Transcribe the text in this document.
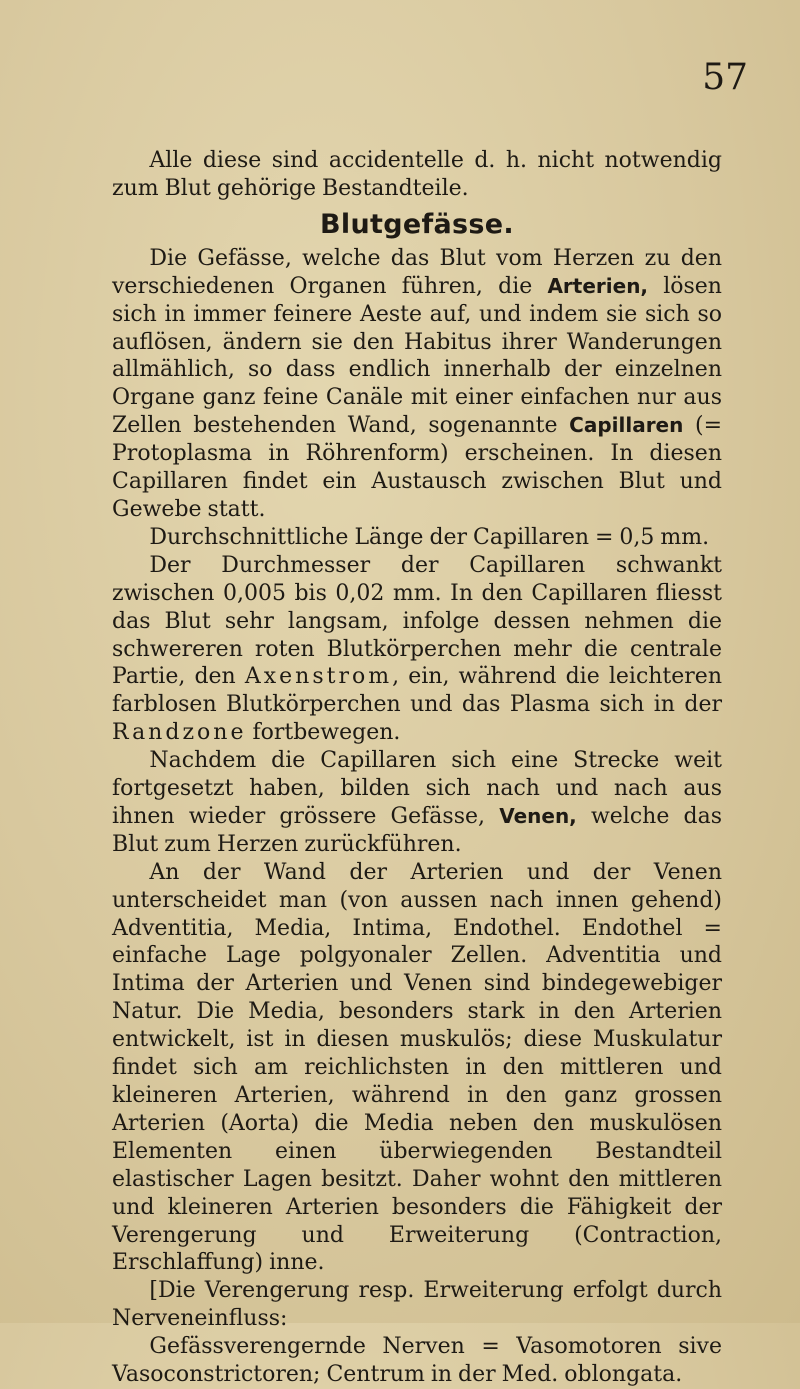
57

Alle diese sind accidentelle d. h. nicht notwendig zum Blut gehörige Bestandteile.

Blutgefässe.

Die Gefässe, welche das Blut vom Herzen zu den verschiedenen Organen führen, die Arterien, lösen sich in immer feinere Aeste auf, und indem sie sich so auflösen, ändern sie den Habitus ihrer Wanderungen allmählich, so dass endlich innerhalb der einzelnen Organe ganz feine Canäle mit einer einfachen nur aus Zellen bestehenden Wand, sogenannte Capillaren (= Protoplasma in Röhrenform) erscheinen. In diesen Capillaren findet ein Austausch zwischen Blut und Gewebe statt.

Durchschnittliche Länge der Capillaren = 0,5 mm.

Der Durchmesser der Capillaren schwankt zwischen 0,005 bis 0,02 mm. In den Capillaren fliesst das Blut sehr langsam, infolge dessen nehmen die schwereren roten Blutkörperchen mehr die centrale Partie, den Axenstrom, ein, während die leichteren farblosen Blutkörperchen und das Plasma sich in der Randzone fortbewegen.

Nachdem die Capillaren sich eine Strecke weit fortgesetzt haben, bilden sich nach und nach aus ihnen wieder grössere Gefässe, Venen, welche das Blut zum Herzen zurückführen.

An der Wand der Arterien und der Venen unterscheidet man (von aussen nach innen gehend) Adventitia, Media, Intima, Endothel. Endothel = einfache Lage polgyonaler Zellen. Adventitia und Intima der Arterien und Venen sind bindegewebiger Natur. Die Media, besonders stark in den Arterien entwickelt, ist in diesen muskulös; diese Muskulatur findet sich am reichlichsten in den mittleren und kleineren Arterien, während in den ganz grossen Arterien (Aorta) die Media neben den muskulösen Elementen einen überwiegenden Bestandteil elastischer Lagen besitzt. Daher wohnt den mittleren und kleineren Arterien besonders die Fähigkeit der Verengerung und Erweiterung (Contraction, Erschlaffung) inne.

[Die Verengerung resp. Erweiterung erfolgt durch Nerveneinfluss:

Gefässverengernde Nerven = Vasomotoren sive Vasoconstrictoren; Centrum in der Med. oblongata.
